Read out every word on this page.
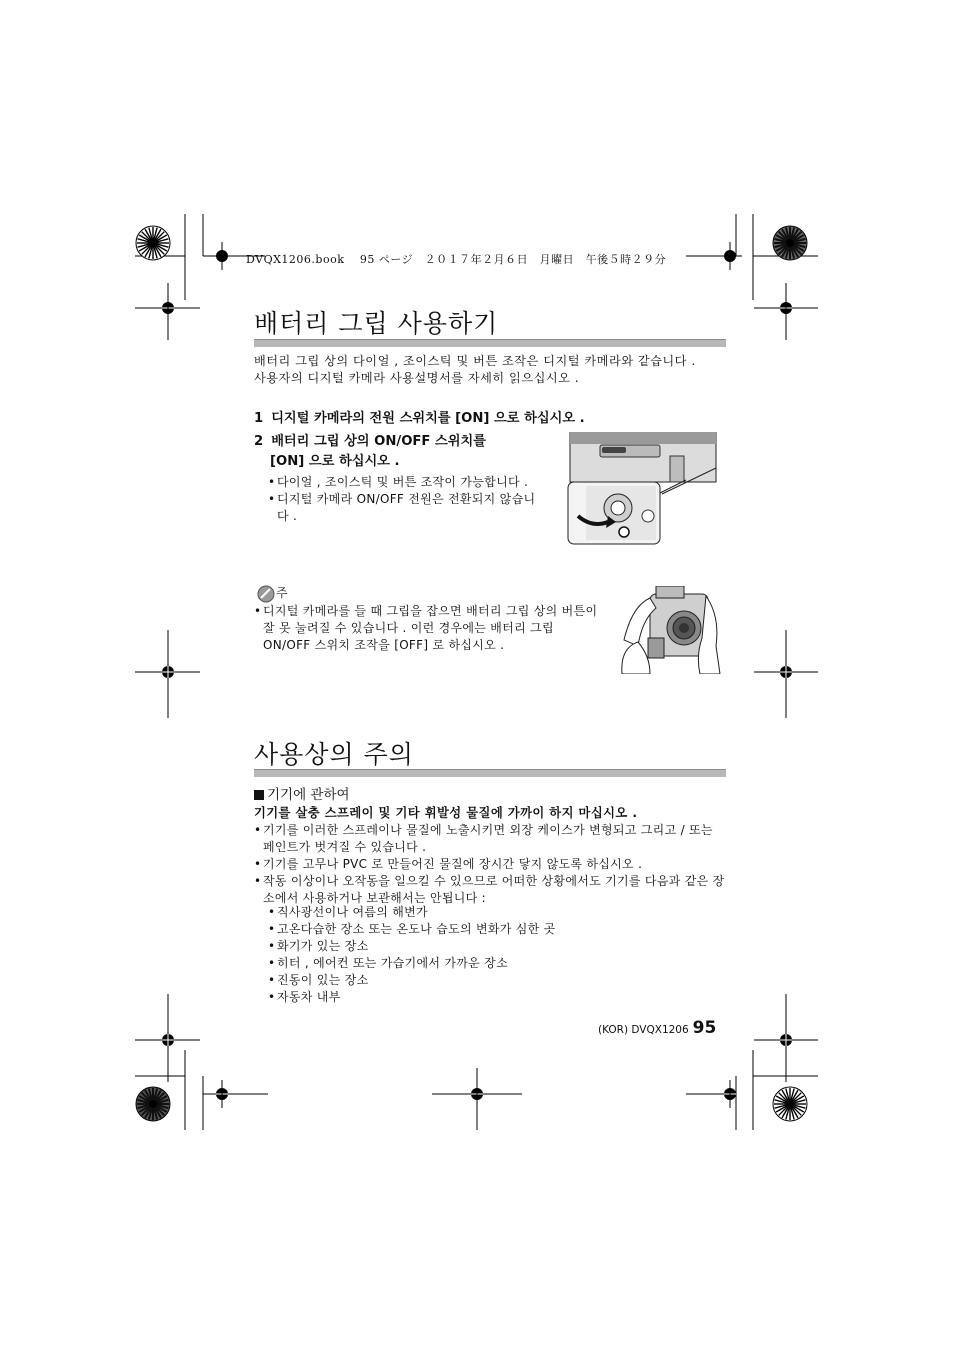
DVQX1206.book　 95 ページ　２０１７年２月６日　月曜日　午後５時２９分
배터리 그립 사용하기

배터리 그립 상의 다이얼 , 조이스틱 및 버튼 조작은 디지털 카메라와 같습니다 .

사용자의 디지털 카메라 사용설명서를 자세히 읽으십시오 .

1 디지털 카메라의 전원 스위치를 [ON] 으로 하십시오 .

2 배터리 그립 상의 ON/OFF 스위치를

[ON] 으로 하십시오 .

• 다이얼 , 조이스틱 및 버튼 조작이 가능합니다 .
• 디지털 카메라 ON/OFF 전원은 전환되지 않습니다 .
주
• 디지털 카메라를 들 때 그립을 잡으면 배터리 그립 상의 버튼이 잘 못 눌려질 수 있습니다 . 이런 경우에는 배터리 그립 ON/OFF 스위치 조작을 [OFF] 로 하십시오 .
사용상의 주의

기기에 관하여

기기를 살충 스프레이 및 기타 휘발성 물질에 가까이 하지 마십시오 .

• 기기를 이러한 스프레이나 물질에 노출시키면 외장 케이스가 변형되고 그리고 / 또는 페인트가 벗겨질 수 있습니다 .
• 기기를 고무나 PVC 로 만들어진 물질에 장시간 닿지 않도록 하십시오 .
• 작동 이상이나 오작동을 일으킬 수 있으므로 어떠한 상황에서도 기기를 다음과 같은 장소에서 사용하거나 보관해서는 안됩니다 :
• 직사광선이나 여름의 해변가
• 고온다습한 장소 또는 온도나 습도의 변화가 심한 곳
• 화기가 있는 장소
• 히터 , 에어컨 또는 가습기에서 가까운 장소
• 진동이 있는 장소
• 자동차 내부
(KOR) DVQX1206 95
